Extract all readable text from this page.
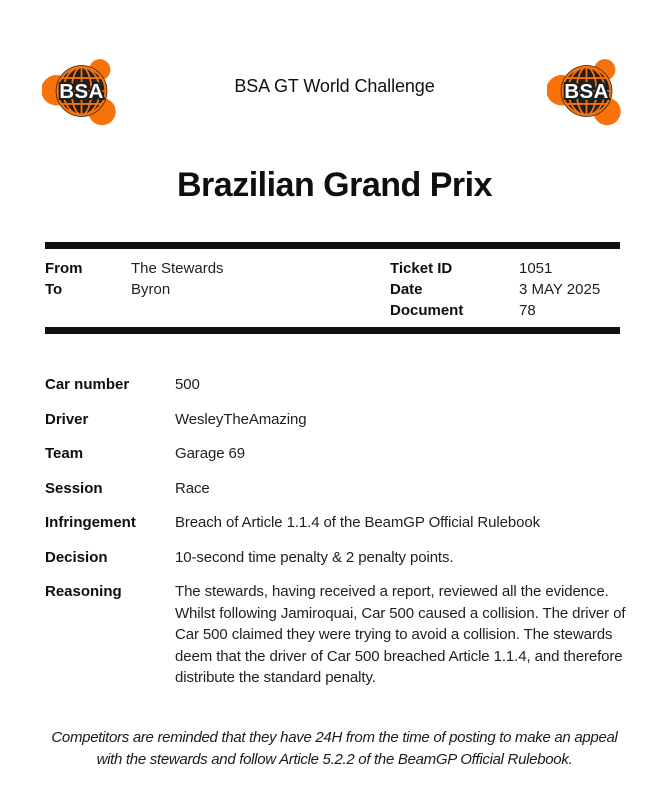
BSA	BSA
BSA GT World Challenge
Brazilian Grand Prix
From	The Stewards
To	Byron
Ticket ID	1051
Date	3 MAY 2025
Document	78
Car number	500
Driver	WesleyTheAmazing
Team	Garage 69
Session	Race
Infringement	Breach of Article 1.1.4 of the BeamGP Official Rulebook
Decision	10-second time penalty & 2 penalty points.
Reasoning	The stewards, having received a report, reviewed all the evidence. Whilst following Jamiroquai, Car 500 caused a collision. The driver of Car 500 claimed they were trying to avoid a collision. The stewards deem that the driver of Car 500 breached Article 1.1.4, and therefore distribute the standard penalty.
Competitors are reminded that they have 24H from the time of posting to make an appeal with the stewards and follow Article 5.2.2 of the BeamGP Official Rulebook.
